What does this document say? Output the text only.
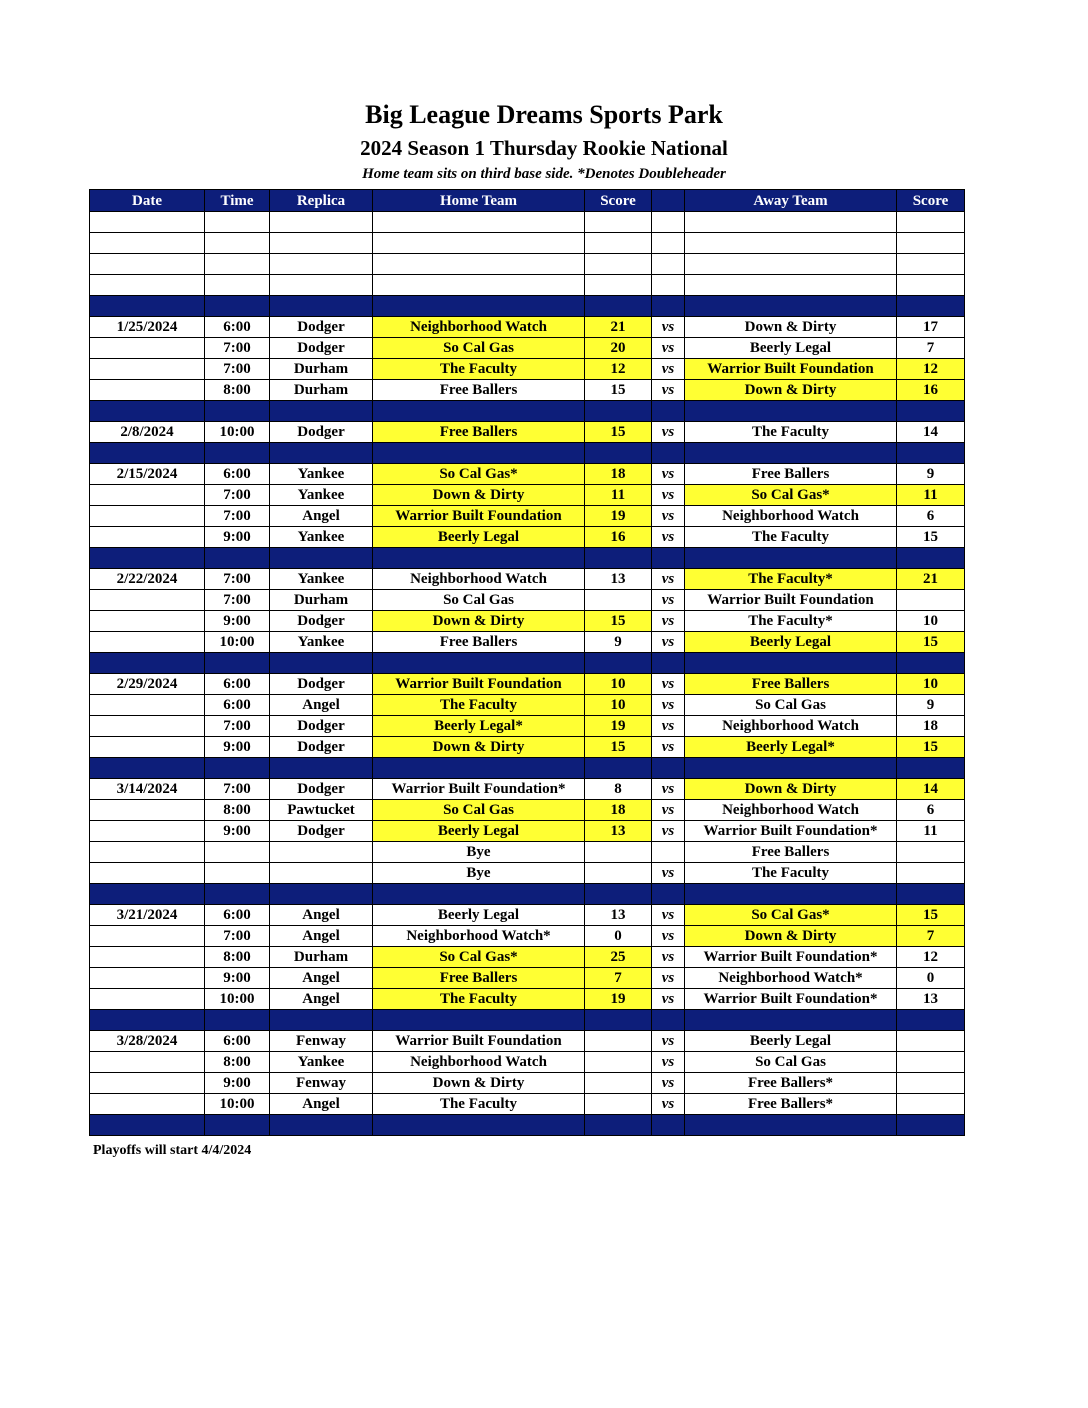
Big League Dreams Sports Park
2024 Season 1 Thursday Rookie National
Home team sits on third base side. *Denotes Doubleheader
Date	Time	Replica	Home Team	Score		Away Team	Score

1/25/2024	6:00	Dodger	Neighborhood Watch	21	vs	Down & Dirty	17
	7:00	Dodger	So Cal Gas	20	vs	Beerly Legal	7
	7:00	Durham	The Faculty	12	vs	Warrior Built Foundation	12
	8:00	Durham	Free Ballers	15	vs	Down & Dirty	16

2/8/2024	10:00	Dodger	Free Ballers	15	vs	The Faculty	14

2/15/2024	6:00	Yankee	So Cal Gas*	18	vs	Free Ballers	9
	7:00	Yankee	Down & Dirty	11	vs	So Cal Gas*	11
	7:00	Angel	Warrior Built Foundation	19	vs	Neighborhood Watch	6
	9:00	Yankee	Beerly Legal	16	vs	The Faculty	15

2/22/2024	7:00	Yankee	Neighborhood Watch	13	vs	The Faculty*	21
	7:00	Durham	So Cal Gas		vs	Warrior Built Foundation	
	9:00	Dodger	Down & Dirty	15	vs	The Faculty*	10
	10:00	Yankee	Free Ballers	9	vs	Beerly Legal	15

2/29/2024	6:00	Dodger	Warrior Built Foundation	10	vs	Free Ballers	10
	6:00	Angel	The Faculty	10	vs	So Cal Gas	9
	7:00	Dodger	Beerly Legal*	19	vs	Neighborhood Watch	18
	9:00	Dodger	Down & Dirty	15	vs	Beerly Legal*	15

3/14/2024	7:00	Dodger	Warrior Built Foundation*	8	vs	Down & Dirty	14
	8:00	Pawtucket	So Cal Gas	18	vs	Neighborhood Watch	6
	9:00	Dodger	Beerly Legal	13	vs	Warrior Built Foundation*	11
			Bye			Free Ballers	
			Bye		vs	The Faculty	

3/21/2024	6:00	Angel	Beerly Legal	13	vs	So Cal Gas*	15
	7:00	Angel	Neighborhood Watch*	0	vs	Down & Dirty	7
	8:00	Durham	So Cal Gas*	25	vs	Warrior Built Foundation*	12
	9:00	Angel	Free Ballers	7	vs	Neighborhood Watch*	0
	10:00	Angel	The Faculty	19	vs	Warrior Built Foundation*	13

3/28/2024	6:00	Fenway	Warrior Built Foundation		vs	Beerly Legal	
	8:00	Yankee	Neighborhood Watch		vs	So Cal Gas	
	9:00	Fenway	Down & Dirty		vs	Free Ballers*	
	10:00	Angel	The Faculty		vs	Free Ballers*	

Playoffs will start 4/4/2024
